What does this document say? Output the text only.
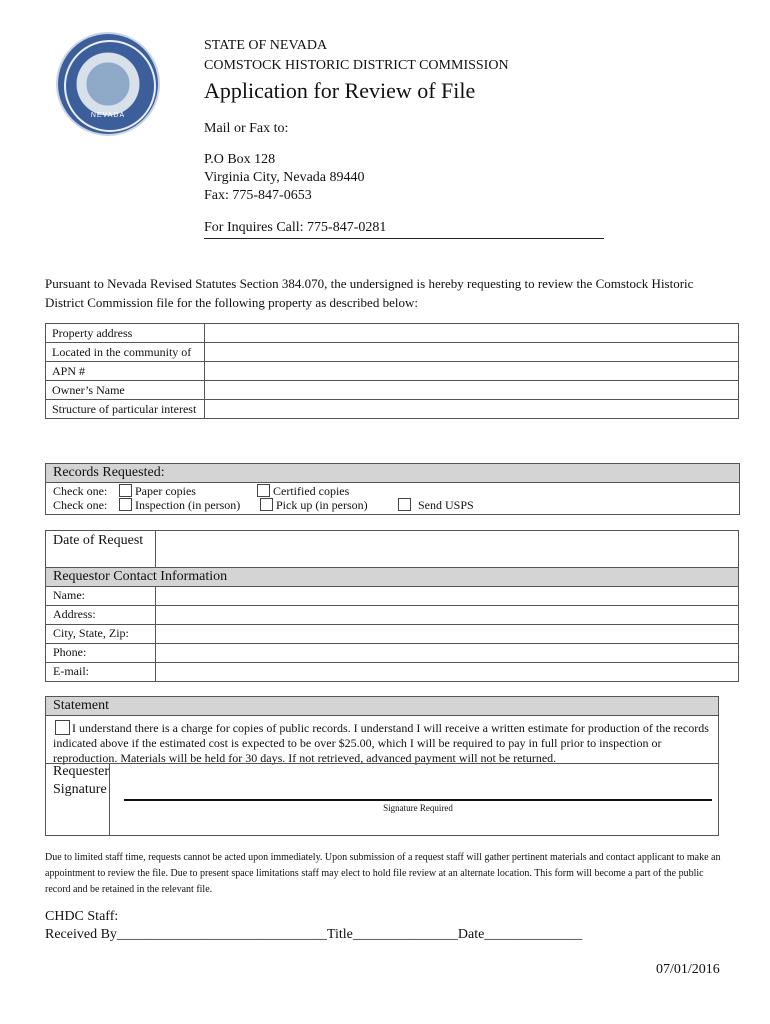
NEVADA
STATE OF NEVADA
COMSTOCK HISTORIC DISTRICT COMMISSION
Application for Review of File
Mail or Fax to:
P.O Box 128
Virginia City, Nevada 89440
Fax: 775-847-0653
For Inquires Call: 775-847-0281
Pursuant to Nevada Revised Statutes Section 384.070, the undersigned is hereby requesting to review the Comstock Historic District Commission file for the following property as described below:
Property address	
Located in the community of	
APN #	
Owner’s Name	
Structure of particular interest	
Records Requested:
Check one:	Paper copies	Certified copies
Check one:	Inspection (in person)	Pick up (in person)	Send USPS
Date of Request	
Requestor Contact Information	
Name:	
Address:	
City, State, Zip:	
Phone:	
E-mail:	
Statement
I understand there is a charge for copies of public records. I understand I will receive a written estimate for production of the records indicated above if the estimated cost is expected to be over $25.00, which I will be required to pay in full prior to inspection or reproduction. Materials will be held for 30 days. If not retrieved, advanced payment will not be returned.
Requester Signature
Signature Required
Due to limited staff time, requests cannot be acted upon immediately. Upon submission of a request staff will gather pertinent materials and contact applicant to make an appointment to review the file. Due to present space limitations staff may elect to hold file review at an alternate location. This form will become a part of the public record and be retained in the relevant file.
CHDC Staff:
Received By______________________________Title_______________Date______________
07/01/2016
